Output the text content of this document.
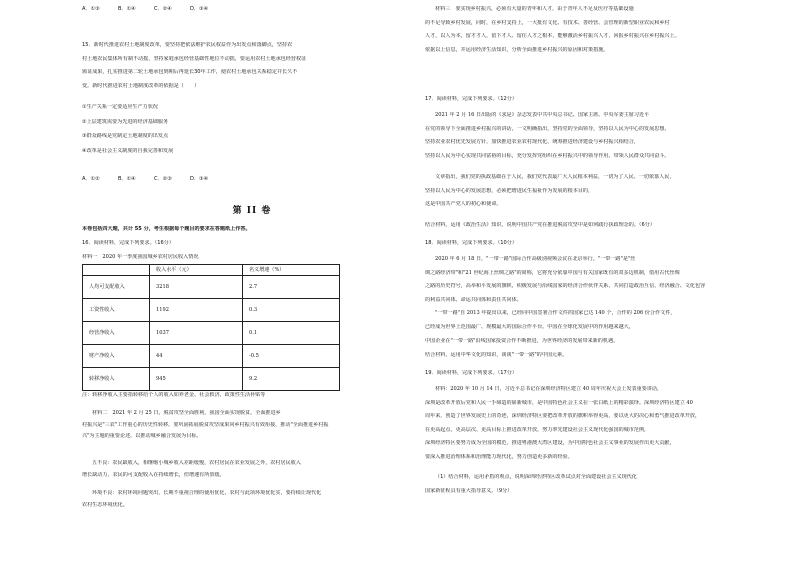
A．①③	B．①④	C．②④	D．③④
15．新时代推进农村土地制度改革，要坚持把依法维护农民权益作为出发点和落脚点，坚持农
村土地农民集体所有制不动摇，坚持家庭承包经营基础性地位不动摇，要运用农村土地承包经营权证
颁证成果，扎实推进第二轮土地承包到期后再延长30年工作，使农村土地承包关系稳定并长久不
变。新时代推进农村土地制度改革的依据是（　　）
①生产关系一定要适应生产力状况
②上层建筑需要为先进的经济基础服务
③群众路线是党制定土地制度的出发点
④改革是社会主义制度的自我完善和发展
A．①②	B．①④	C．②③	D．③④
第 II 卷
本卷包括四大题，共计 55 分，考生根据每个题目的要求在答题纸上作答。
16．阅读材料，完成下列要求。（16分）
材料一　2020 年一季度我国城乡农村居民收入情况
	收入水平（元）	名义增速（%）
人均可支配收入	3218	2.7
工资性收入	1192	0.3
经营净收入	1037	0.1
财产净收入	44	-0.5
转移净收入	945	9.2
注：转移净收入主要指转移给个人的收入如养老金、社会救济、政策性生活补贴等
材料二　2021 年 2 月 25 日，脱贫攻坚全面胜利，我国全面实现脱贫。全面推进乡
村振兴是"三农"工作重心的历史性转移。要巩固拓展脱贫攻坚成果同乡村振兴有效衔接，推动"全面推进乡村振
兴"为主题的重要论述，以推动城乡融合发展为目标。
五不良：农民缺收入，相继缩小城乡收入差距缓慢，农村居民在农业发展之外，农村居民收入
增长缺动力，农民的可支配收入在持续增长，但增速有所放缓。
环境不良：农村环境问题突出，长期不重视合理的使用优化，农村与此项环境优化实，要持续让现代化
农村生态环境优化。
材料三　要实现乡村振兴，必须有大量的青年和人才，由于青年人不足及医疗等基础设施
的不足导致乡村发展，同时，在乡村支持上，一大批有文化、有技术、善经营、会管理的新型职业农民和乡村
人才，以人为本，留才才人，留下才人、留住人才之根本，能够激活乡村振兴人才，回报乡村振兴在乡村振兴上。
依据以上信息，并运用经济生活知识，分析全面推进乡村振兴的原因和对策措施。
17．阅读材料，完成下列要求。（12分）
2021 年 2 月 16 日出版的《求是》杂志发表中共中央总书记、国家主席、中央军委主席习近平
在党的领导下全面推进乡村振兴的讲话，一文明确指出，坚持党的全面领导，坚持以人民为中心的发展思想，
坚持农业农村优先发展方针，加快推进农业农村现代化、统筹推进经济建设与乡村振兴相结合，
坚持以人民为中心实现共同富裕的目标，充分发挥党组织在乡村振兴中的领导作用、带领人民群众共同奋斗。
文章指出，我们党的执政基础在于人民，我们党代表最广大人民根本利益，一切为了人民、一切依靠人民，
坚持以人民为中心的发展思想，必须把增进民生福祉作为发展的根本目的，
这是中国共产党人的初心和使命。
结合材料，运用《政治生活》知识，说明中国共产党在推进脱贫攻坚中是如何践行执政理念的。（6分）
18．阅读材料，完成下列要求。（10分）
2020 年 6 月 18 日，"一带一路"国际合作高级别视频会议在北京举行。"一带一路"是"丝
绸之路经济带"和"21 世纪海上丝绸之路"的简称，它将充分依靠中国与有关国家既有的双多边机制，借用古代丝绸
之路的历史符号，高举和平发展的旗帜，积极发展与沿线国家的经济合作伙伴关系，共同打造政治互信、经济融合、文化包容
的利益共同体、命运共同体和责任共同体。
"一带一路"自 2013 年提出以来，已经同中国签署合作文件的国家已达 140 个，合作的 206 份合作文件，
已经成为世界上范围最广、规模最大的国际合作平台。中国在全球化发展中的作用越来越大，
中国企业在"一带一路"沿线国家投资合作不断推进，为世界经济的发展带来新的机遇。
结合材料，运用中华文化的知识，谈谈"一带一路"的中国元素。
19．阅读材料，完成下列要求。（17分）
材料：2020 年 10 月 14 日，习近平总书记在深圳经济特区建立 40 周年庆祝大会上发表重要讲话，
深圳是改革开放后党和人民一手缔造的崭新城市，是中国特色社会主义在一张白纸上的精彩演绎。深圳经济特区建立 40
周年来，创造了世界发展史上的奇迹，深圳经济特区要把改革开放的旗帜举得更高，要以更大的决心和勇气推进改革开放，
在更高起点、更高层次、更高目标上推进改革开放，努力率先建设社会主义现代化强国的城市范例，
深圳经济特区要努力成为全国的模范，推进粤港澳大湾区建设，为中国特色社会主义事业的发展作出更大贡献，
要深入推进治理体系和治理能力现代化，努力创造更多新的经验。
（1）结合材料，运用矛盾的观点，说明深圳经济特区改革试点对全面建设社会主义现代化
国家新征程具有重大指导意义。（9分）
